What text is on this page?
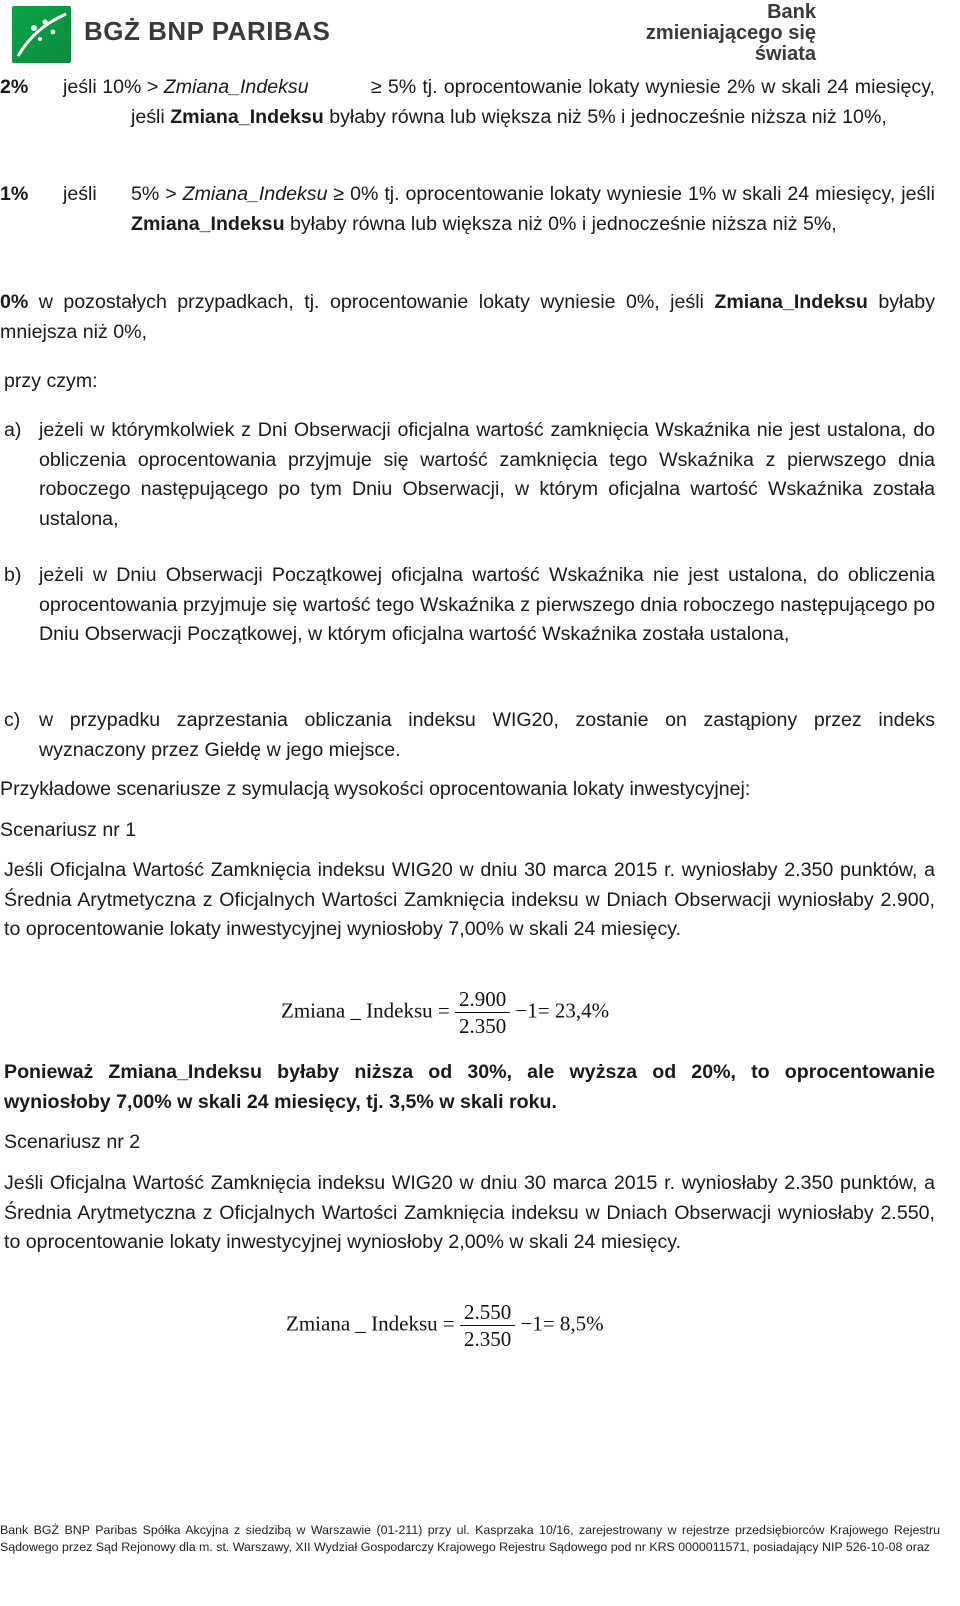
BGŻ BNP PARIBAS
Bank
zmieniającego się
świata
2% jeśli 10% > Zmiana_Indeksu	≥ 5% tj. oprocentowanie lokaty wyniesie 2% w skali 24 miesięcy, jeśli Zmiana_Indeksu byłaby równa lub większa niż 5% i jednocześnie niższa niż 10%,
1% jeśli 5% > Zmiana_Indeksu ≥ 0% tj. oprocentowanie lokaty wyniesie 1% w skali 24 miesięcy, jeśli Zmiana_Indeksu byłaby równa lub większa niż 0% i jednocześnie niższa niż 5%,
0% w pozostałych przypadkach, tj. oprocentowanie lokaty wyniesie 0%, jeśli Zmiana_Indeksu byłaby mniejsza niż 0%,
przy czym:
a) jeżeli w którymkolwiek z Dni Obserwacji oficjalna wartość zamknięcia Wskaźnika nie jest ustalona, do obliczenia oprocentowania przyjmuje się wartość zamknięcia tego Wskaźnika z pierwszego dnia roboczego następującego po tym Dniu Obserwacji, w którym oficjalna wartość Wskaźnika została ustalona,
b) jeżeli w Dniu Obserwacji Początkowej oficjalna wartość Wskaźnika nie jest ustalona, do obliczenia oprocentowania przyjmuje się wartość tego Wskaźnika z pierwszego dnia roboczego następującego po Dniu Obserwacji Początkowej, w którym oficjalna wartość Wskaźnika została ustalona,
c) w przypadku zaprzestania obliczania indeksu WIG20, zostanie on zastąpiony przez indeks wyznaczony przez Giełdę w jego miejsce.
Przykładowe scenariusze z symulacją wysokości oprocentowania lokaty inwestycyjnej:
Scenariusz nr 1
Jeśli Oficjalna Wartość Zamknięcia indeksu WIG20 w dniu 30 marca 2015 r. wyniosłaby 2.350 punktów, a Średnia Arytmetyczna z Oficjalnych Wartości Zamknięcia indeksu w Dniach Obserwacji wyniosłaby 2.900, to oprocentowanie lokaty inwestycyjnej wyniosłoby 7,00% w skali 24 miesięcy.
Zmiana _ Indeksu = $\frac{2.900}{2.350} -1= 23,4\%$
Ponieważ Zmiana_Indeksu byłaby niższa od 30%, ale wyższa od 20%, to oprocentowanie wyniosłoby 7,00% w skali 24 miesięcy, tj. 3,5% w skali roku.
Scenariusz nr 2
Jeśli Oficjalna Wartość Zamknięcia indeksu WIG20 w dniu 30 marca 2015 r. wyniosłaby 2.350 punktów, a Średnia Arytmetyczna z Oficjalnych Wartości Zamknięcia indeksu w Dniach Obserwacji wyniosłaby 2.550, to oprocentowanie lokaty inwestycyjnej wyniosłoby 2,00% w skali 24 miesięcy.
Zmiana _ Indeksu = $\frac{2.550}{2.350} -1= 8,5\%$
Bank BGŻ BNP Paribas Spółka Akcyjna z siedzibą w Warszawie (01-211) przy ul. Kasprzaka 10/16, zarejestrowany w rejestrze przedsiębiorców Krajowego Rejestru Sądowego przez Sąd Rejonowy dla m. st. Warszawy, XII Wydział Gospodarczy Krajowego Rejestru Sądowego pod nr KRS 0000011571, posiadający NIP 526-10-08 oraz
